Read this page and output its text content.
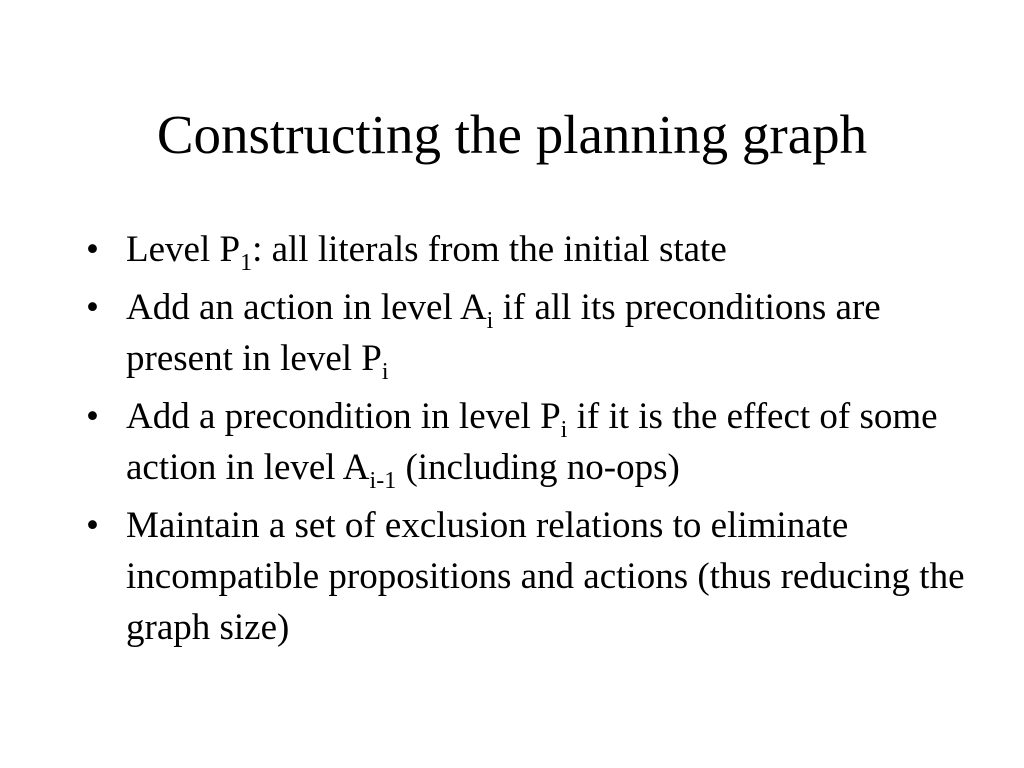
Constructing the planning graph
• Level $P_1$: all literals from the initial state
• Add an action in level $A_i$ if all its preconditions are present in level $P_i$
• Add a precondition in level $P_i$ if it is the effect of some action in level $A_{i-1}$ (including no-ops)
• Maintain a set of exclusion relations to eliminate incompatible propositions and actions (thus reducing the graph size)
